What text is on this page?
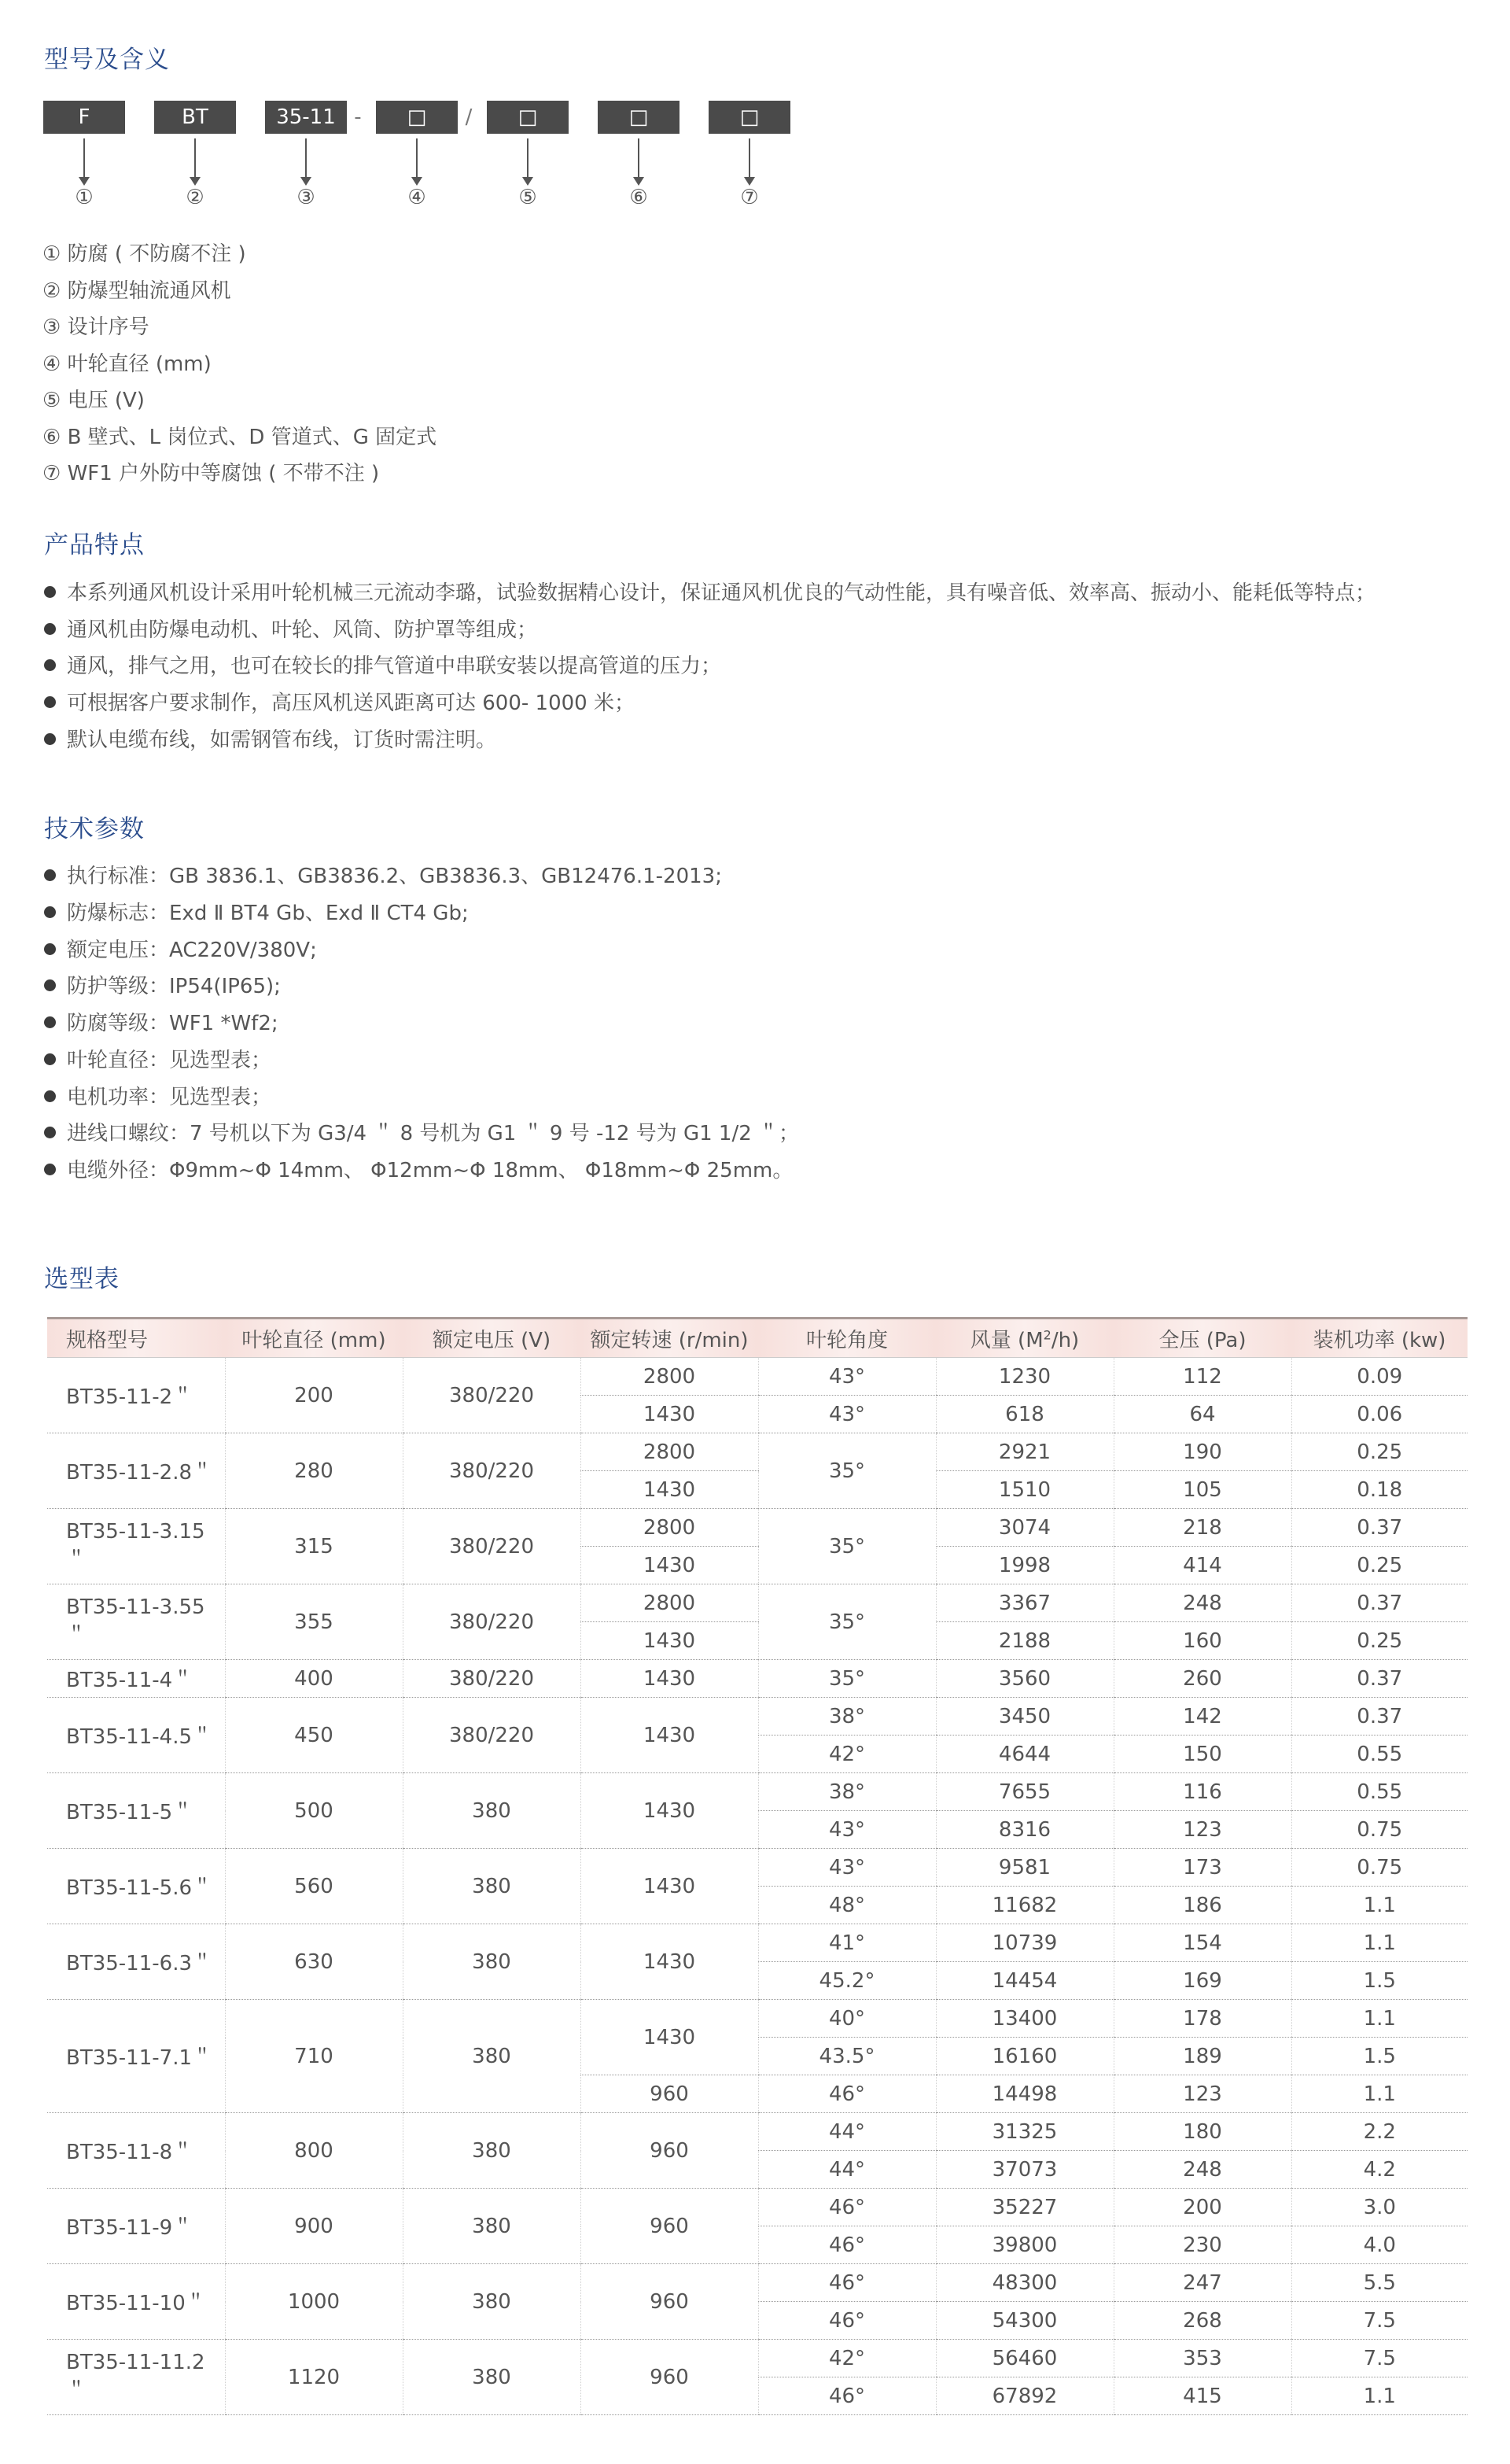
型号及含义
F	BT	35-11 -	□	/	□	□	□
①	②	③	④	⑤	⑥	⑦
① 防腐 ( 不防腐不注 )
② 防爆型轴流通风机
③ 设计序号
④ 叶轮直径 (mm)
⑤ 电压 (V)
⑥ B 壁式、L 岗位式、D 管道式、G 固定式
⑦ WF1 户外防中等腐蚀 ( 不带不注 )
产品特点
本系列通风机设计采用叶轮机械三元流动李璐，试验数据精心设计，保证通风机优良的气动性能，具有噪音低、效率高、振动小、能耗低等特点；
通风机由防爆电动机、叶轮、风筒、防护罩等组成；
通风，排气之用，也可在较长的排气管道中串联安装以提高管道的压力；
可根据客户要求制作，高压风机送风距离可达 600- 1000 米；
默认电缆布线，如需钢管布线，订货时需注明。
技术参数
执行标准：GB 3836.1、GB3836.2、GB3836.3、GB12476.1-2013;
防爆标志：Exd Ⅱ BT4 Gb、Exd Ⅱ CT4 Gb;
额定电压：AC220V/380V;
防护等级：IP54(IP65);
防腐等级：WF1 *Wf2;
叶轮直径：见选型表；
电机功率：见选型表；
进线口螺纹：7 号机以下为 G3/4 ＂ 8 号机为 G1 ＂ 9 号 -12 号为 G1 1/2 ＂；
电缆外径：Φ9mm~Φ 14mm、 Φ12mm~Φ 18mm、 Φ18mm~Φ 25mm。
选型表
规格型号	叶轮直径 (mm)	额定电压 (V)	额定转速 (r/min)	叶轮角度	风量 $(M^2/h)$	全压 (Pa)	装机功率 (kw)
BT35-11-2＂	200	380/220	2800	43°	1230	112	0.09
			1430	43°	618	64	0.06
BT35-11-2.8＂	280	380/220	2800	35°	2921	190	0.25
			1430		1510	105	0.18
BT35-11-3.15＂	315	380/220	2800	35°	3074	218	0.37
			1430		1998	414	0.25
BT35-11-3.55＂	355	380/220	2800	35°	3367	248	0.37
			1430		2188	160	0.25
BT35-11-4＂	400	380/220	1430	35°	3560	260	0.37
BT35-11-4.5＂	450	380/220	1430	38°	3450	142	0.37
				42°	4644	150	0.55
BT35-11-5＂	500	380	1430	38°	7655	116	0.55
				43°	8316	123	0.75
BT35-11-5.6＂	560	380	1430	43°	9581	173	0.75
				48°	11682	186	1.1
BT35-11-6.3＂	630	380	1430	41°	10739	154	1.1
				45.2°	14454	169	1.5
BT35-11-7.1＂	710	380	1430	40°	13400	178	1.1
				43.5°	16160	189	1.5
			960	46°	14498	123	1.1
BT35-11-8＂	800	380	960	44°	31325	180	2.2
				44°	37073	248	4.2
BT35-11-9＂	900	380	960	46°	35227	200	3.0
				46°	39800	230	4.0
BT35-11-10＂	1000	380	960	46°	48300	247	5.5
				46°	54300	268	7.5
BT35-11-11.2＂	1120	380	960	42°	56460	353	7.5
				46°	67892	415	1.1
